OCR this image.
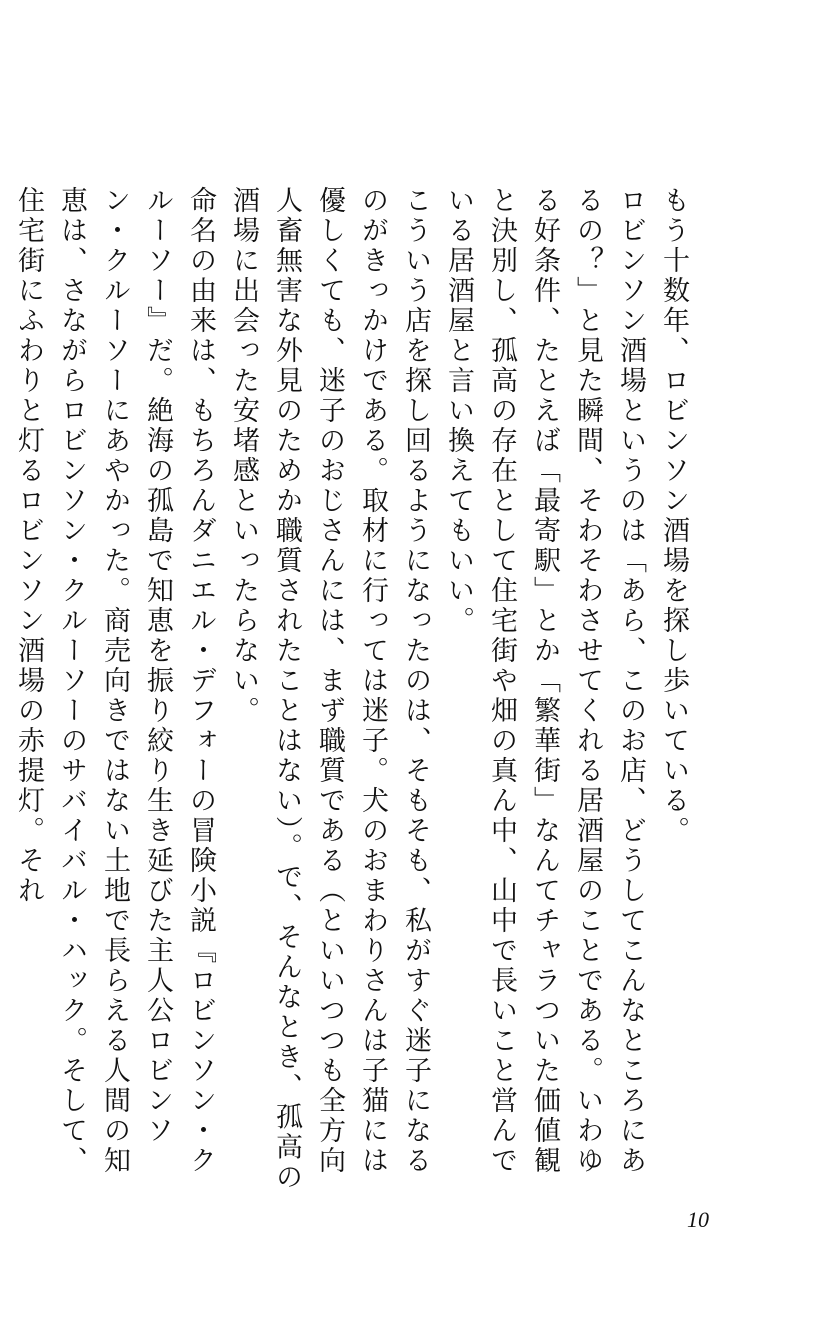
もう十数年、ロビンソン酒場を探し歩いている。

ロビンソン酒場というのは「あら、このお店、どうしてこんなところにあるの？」と見た瞬間、そわそわさせてくれる居酒屋のことである。いわゆる好条件、たとえば「最寄駅」とか「繁華街」なんてチャラついた価値観と決別し、孤高の存在として住宅街や畑の真ん中、山中で長いこと営んでいる居酒屋と言い換えてもいい。

こういう店を探し回るようになったのは、そもそも、私がすぐ迷子になるのがきっかけである。取材に行っては迷子。犬のおまわりさんは子猫には優しくても、迷子のおじさんには、まず職質である（といいつつも全方向人畜無害な外見のためか職質されたことはない）。で、そんなとき、孤高の酒場に出会った安堵感といったらない。

命名の由来は、もちろんダニエル・デフォーの冒険小説『ロビンソン・クルーソー』だ。絶海の孤島で知恵を振り絞り生き延びた主人公ロビンソン・クルーソーにあやかった。商売向きではない土地で長らえる人間の知恵は、さながらロビンソン・クルーソーのサバイバル・ハック。そして、住宅街にふわりと灯るロビンソン酒場の赤提灯。それ

10
